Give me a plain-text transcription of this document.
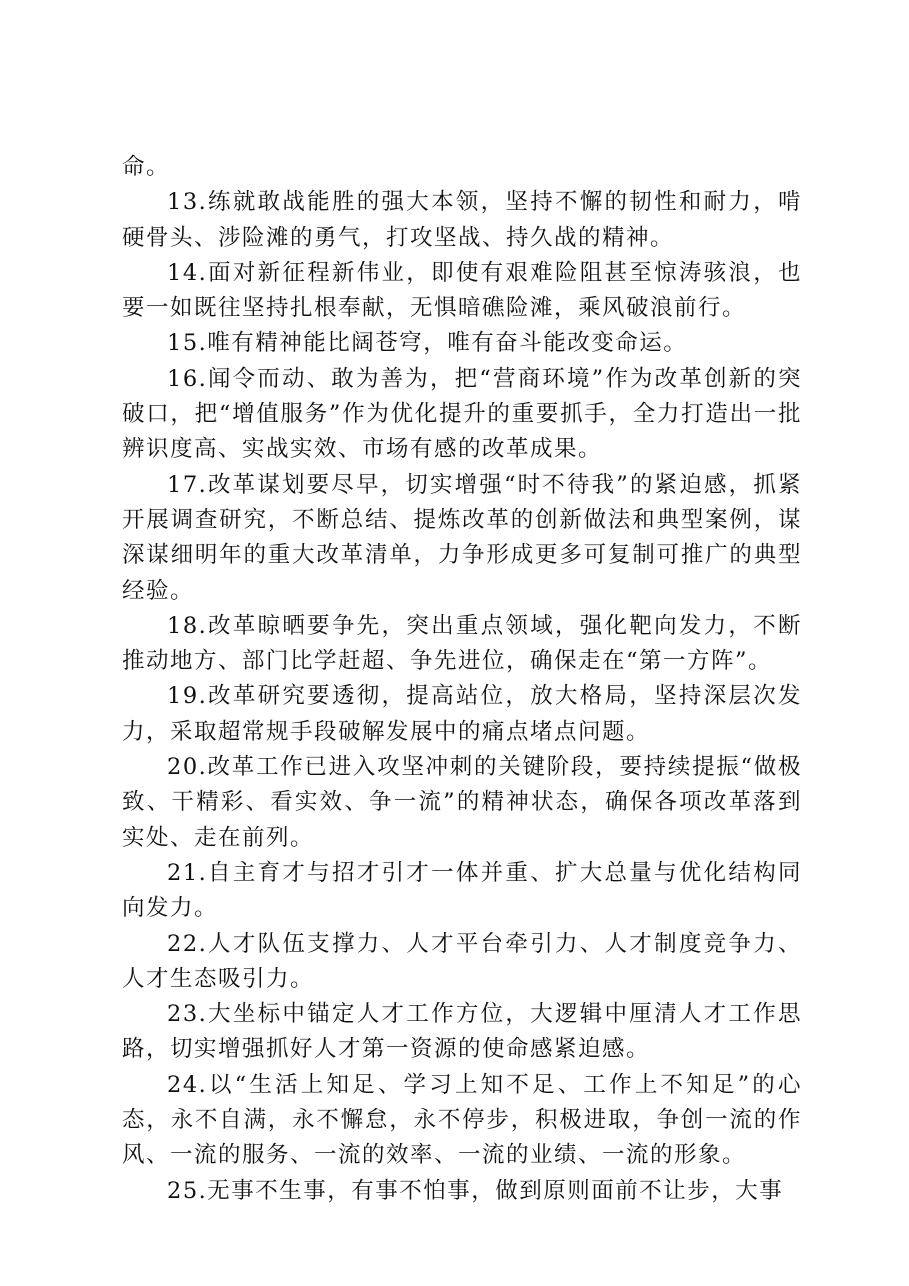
命。

13.练就敢战能胜的强大本领，坚持不懈的韧性和耐力，啃硬骨头、涉险滩的勇气，打攻坚战、持久战的精神。

14.面对新征程新伟业，即使有艰难险阻甚至惊涛骇浪，也要一如既往坚持扎根奉献，无惧暗礁险滩，乘风破浪前行。

15.唯有精神能比阔苍穹，唯有奋斗能改变命运。

16.闻令而动、敢为善为，把“营商环境”作为改革创新的突破口，把“增值服务”作为优化提升的重要抓手，全力打造出一批辨识度高、实战实效、市场有感的改革成果。

17.改革谋划要尽早，切实增强“时不待我”的紧迫感，抓紧开展调查研究，不断总结、提炼改革的创新做法和典型案例，谋深谋细明年的重大改革清单，力争形成更多可复制可推广的典型经验。

18.改革晾晒要争先，突出重点领域，强化靶向发力，不断推动地方、部门比学赶超、争先进位，确保走在“第一方阵”。

19.改革研究要透彻，提高站位，放大格局，坚持深层次发力，采取超常规手段破解发展中的痛点堵点问题。

20.改革工作已进入攻坚冲刺的关键阶段，要持续提振“做极致、干精彩、看实效、争一流”的精神状态，确保各项改革落到实处、走在前列。

21.自主育才与招才引才一体并重、扩大总量与优化结构同向发力。

22.人才队伍支撑力、人才平台牵引力、人才制度竞争力、人才生态吸引力。

23.大坐标中锚定人才工作方位，大逻辑中厘清人才工作思路，切实增强抓好人才第一资源的使命感紧迫感。

24.以“生活上知足、学习上知不足、工作上不知足”的心态，永不自满，永不懈怠，永不停步，积极进取，争创一流的作风、一流的服务、一流的效率、一流的业绩、一流的形象。

25.无事不生事，有事不怕事，做到原则面前不让步，大事
